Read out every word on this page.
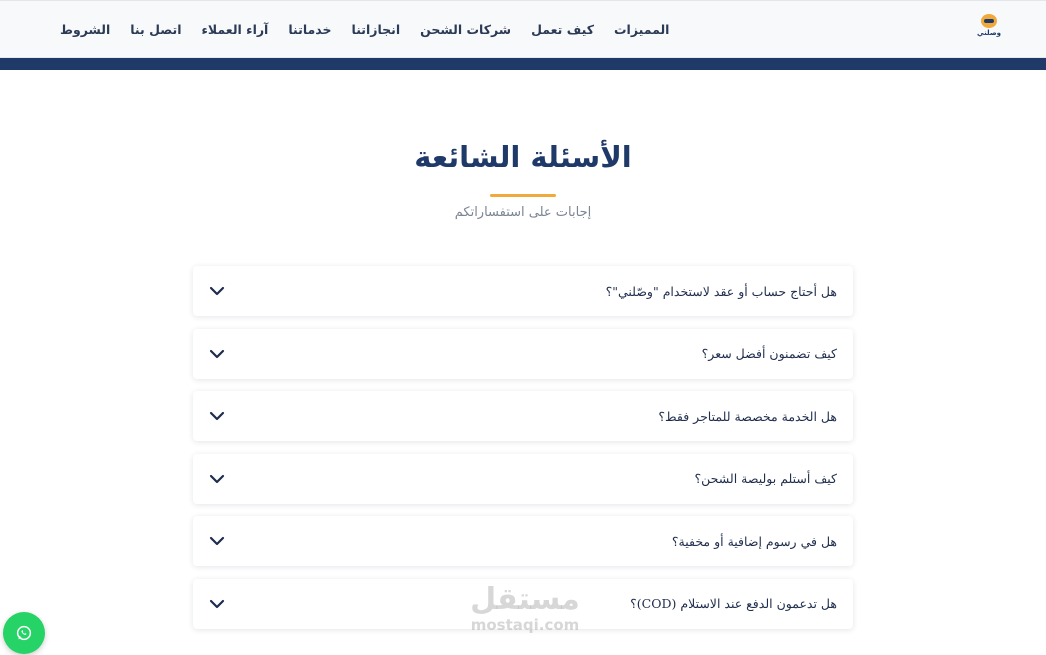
المميزات
كيف تعمل
شركات الشحن
انجازاتنا
خدماتنا
آراء العملاء
اتصل بنا
الشروط	وصلني
الأسئلة الشائعة

إجابات على استفساراتكم

هل أحتاج حساب أو عقد لاستخدام "وصّلني"؟
كيف تضمنون أفضل سعر؟
هل الخدمة مخصصة للمتاجر فقط؟
كيف أستلم بوليصة الشحن؟
هل في رسوم إضافية أو مخفية؟
هل تدعمون الدفع عند الاستلام (COD)؟
مستقل
mostaqi.com
